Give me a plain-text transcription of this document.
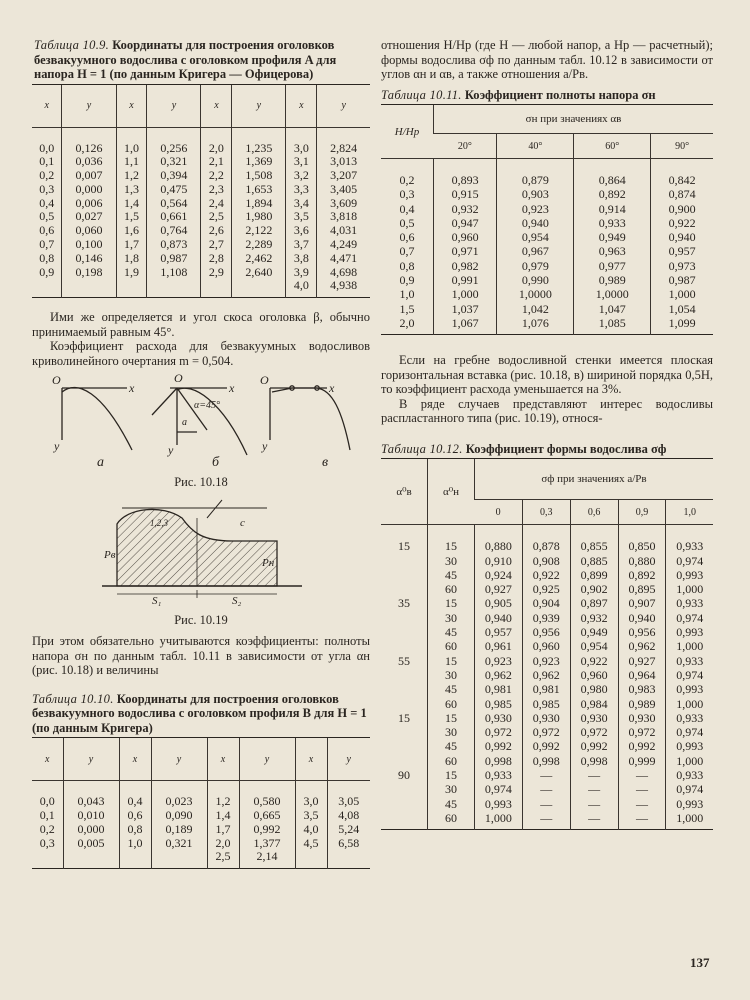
Таблица 10.9. Координаты для построения оголовков безвакуумного водослива с оголовком профиля A для напора H = 1 (по данным Кригера — Офицерова)

x	y	x	y	x	y	x	y
0,0	0,126	1,0	0,256	2,0	1,235	3,0	2,824
0,1	0,036	1,1	0,321	2,1	1,369	3,1	3,013
0,2	0,007	1,2	0,394	2,2	1,508	3,2	3,207
0,3	0,000	1,3	0,475	2,3	1,653	3,3	3,405
0,4	0,006	1,4	0,564	2,4	1,894	3,4	3,609
0,5	0,027	1,5	0,661	2,5	1,980	3,5	3,818
0,6	0,060	1,6	0,764	2,6	2,122	3,6	4,031
0,7	0,100	1,7	0,873	2,7	2,289	3,7	4,249
0,8	0,146	1,8	0,987	2,8	2,462	3,8	4,471
0,9	0,198	1,9	1,108	2,9	2,640	3,9	4,698
						4,0	4,938

Ими же определяется и угол скоса оголовка β, обычно принимаемый равным 45°.

Коэффициент расхода для безвакуумных водосливов криволинейного очертания m = 0,504.

O
x
y
O
x
y
a
α=45°
O
x
y
а	б	в
Рис. 10.18
Pв
Pн
c
S₁	S₂
1,2,3
Рис. 10.19

При этом обязательно учитываются коэффициенты: полноты напора σн по данным табл. 10.11 в зависимости от угла αн (рис. 10.18) и величины

Таблица 10.10. Координаты для построения оголовков безвакуумного водослива с оголовком профиля B для H = 1 (по данным Кригера)

x	y	x	y	x	y	x	y
0,0	0,043	0,4	0,023	1,2	0,580	3,0	3,05
0,1	0,010	0,6	0,090	1,4	0,665	3,5	4,08
0,2	0,000	0,8	0,189	1,7	0,992	4,0	5,24
0,3	0,005	1,0	0,321	2,0	1,377	4,5	6,58
				2,5	2,14		

отношения H/Hр (где H — любой напор, а Hр — расчетный); формы водослива σф по данным табл. 10.12 в зависимости от углов αн и αв, а также отношения a/Pв.

Таблица 10.11. Коэффициент полноты напора σн

H/Hр	σн при значениях αв			
	20°	40°	60°	90°
0,2	0,893	0,879	0,864	0,842
0,3	0,915	0,903	0,892	0,874
0,4	0,932	0,923	0,914	0,900
0,5	0,947	0,940	0,933	0,922
0,6	0,960	0,954	0,949	0,940
0,7	0,971	0,967	0,963	0,957
0,8	0,982	0,979	0,977	0,973
0,9	0,991	0,990	0,989	0,987
1,0	1,000	1,0000	1,0000	1,000
1,5	1,037	1,042	1,047	1,054
2,0	1,067	1,076	1,085	1,099

Если на гребне водосливной стенки имеется плоская горизонтальная вставка (рис. 10.18, в) шириной порядка 0,5H, то коэффициент расхода уменьшается на 3%.

В ряде случаев представляют интерес водосливы распластанного типа (рис. 10.19), относя-

Таблица 10.12. Коэффициент формы водослива σф

α⁰в	α⁰н	σф при значениях a/Pв				
		0	0,3	0,6	0,9	1,0
15	15	0,880	0,878	0,855	0,850	0,933
	30	0,910	0,908	0,885	0,880	0,974
	45	0,924	0,922	0,899	0,892	0,993
	60	0,927	0,925	0,902	0,895	1,000
35	15	0,905	0,904	0,897	0,907	0,933
	30	0,940	0,939	0,932	0,940	0,974
	45	0,957	0,956	0,949	0,956	0,993
	60	0,961	0,960	0,954	0,962	1,000
55	15	0,923	0,923	0,922	0,927	0,933
	30	0,962	0,962	0,960	0,964	0,974
	45	0,981	0,981	0,980	0,983	0,993
	60	0,985	0,985	0,984	0,989	1,000
15	15	0,930	0,930	0,930	0,930	0,933
	30	0,972	0,972	0,972	0,972	0,974
	45	0,992	0,992	0,992	0,992	0,993
	60	0,998	0,998	0,998	0,999	1,000
90	15	0,933	—	—	—	0,933
	30	0,974	—	—	—	0,974
	45	0,993	—	—	—	0,993
	60	1,000	—	—	—	1,000

137
